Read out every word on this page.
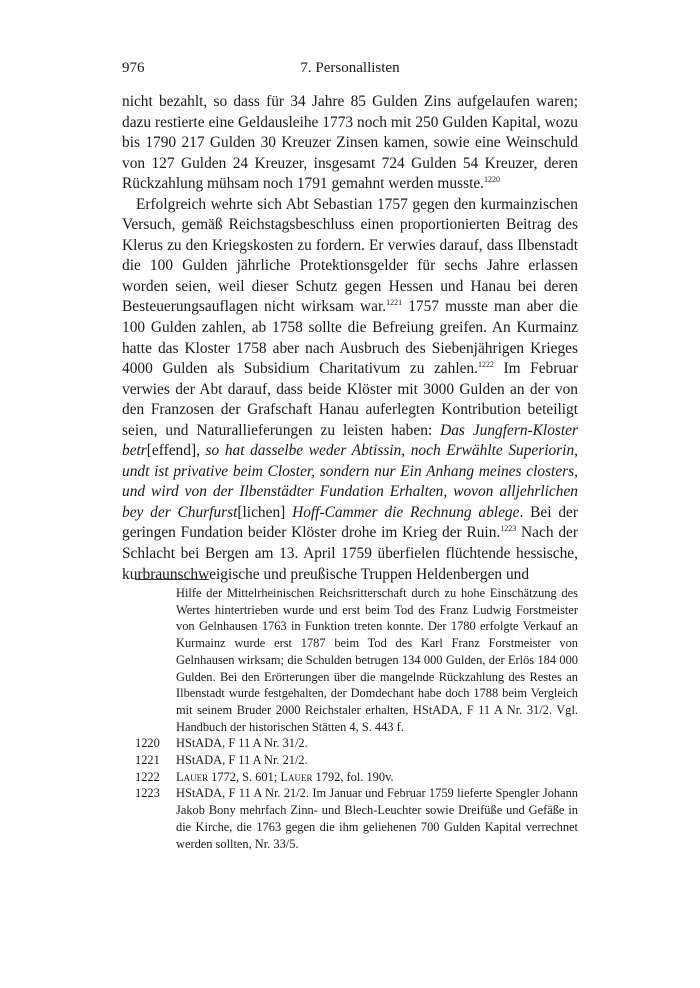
976	7. Personallisten

nicht bezahlt, so dass für 34 Jahre 85 Gulden Zins aufgelaufen waren; dazu restierte eine Geldausleihe 1773 noch mit 250 Gulden Kapital, wozu bis 1790 217 Gulden 30 Kreuzer Zinsen kamen, sowie eine Weinschuld von 127 Gulden 24 Kreuzer, insgesamt 724 Gulden 54 Kreuzer, deren Rückzahlung mühsam noch 1791 gemahnt werden musste.$^{1220}$

Erfolgreich wehrte sich Abt Sebastian 1757 gegen den kurmainzischen Versuch, gemäß Reichstagsbeschluss einen proportionierten Beitrag des Klerus zu den Kriegskosten zu fordern. Er verwies darauf, dass Ilbenstadt die 100 Gulden jährliche Protektionsgelder für sechs Jahre erlassen worden seien, weil dieser Schutz gegen Hessen und Hanau bei deren Besteuerungsauflagen nicht wirksam war.$^{1221}$ 1757 musste man aber die 100 Gulden zahlen, ab 1758 sollte die Befreiung greifen. An Kurmainz hatte das Kloster 1758 aber nach Ausbruch des Siebenjährigen Krieges 4000 Gulden als Subsidium Charitativum zu zahlen.$^{1222}$ Im Februar verwies der Abt darauf, dass beide Klöster mit 3000 Gulden an der von den Franzosen der Grafschaft Hanau auferlegten Kontribution beteiligt seien, und Naturallieferungen zu leisten haben: Das Jungfern-Kloster betr[effend], so hat dasselbe weder Abtissin, noch Erwählte Superiorin, undt ist privative beim Closter, sondern nur Ein Anhang meines closters, und wird von der Ilbenstädter Fundation Erhalten, wovon alljehrlichen bey der Churfurst[lichen] Hoff-Cammer die Rechnung ablege. Bei der geringen Fundation beider Klöster drohe im Krieg der Ruin.$^{1223}$ Nach der Schlacht bei Bergen am 13. April 1759 überfielen flüchtende hessische, kurbraunschweigische und preußische Truppen Heldenbergen und

Hilfe der Mittelrheinischen Reichsritterschaft durch zu hohe Einschätzung des Wertes hintertrieben wurde und erst beim Tod des Franz Ludwig Forstmeister von Gelnhausen 1763 in Funktion treten konnte. Der 1780 erfolgte Verkauf an Kurmainz wurde erst 1787 beim Tod des Karl Franz Forstmeister von Gelnhausen wirksam; die Schulden betrugen 134 000 Gulden, der Erlös 184 000 Gulden. Bei den Erörterungen über die mangelnde Rückzahlung des Restes an Ilbenstadt wurde festgehalten, der Domdechant habe doch 1788 beim Vergleich mit seinem Bruder 2000 Reichstaler erhalten, HStADA, F 11 A Nr. 31/2. Vgl. Handbuch der historischen Stätten 4, S. 443 f.

1220	HStADA, F 11 A Nr. 31/2.
1221	HStADA, F 11 A Nr. 21/2.
1222	Lauer 1772, S. 601; Lauer 1792, fol. 190v.
1223	HStADA, F 11 A Nr. 21/2. Im Januar und Februar 1759 lieferte Spengler Johann Jakob Bony mehrfach Zinn- und Blech-Leuchter sowie Dreifüße und Gefäße in die Kirche, die 1763 gegen die ihm geliehenen 700 Gulden Kapital verrechnet werden sollten, Nr. 33/5.
